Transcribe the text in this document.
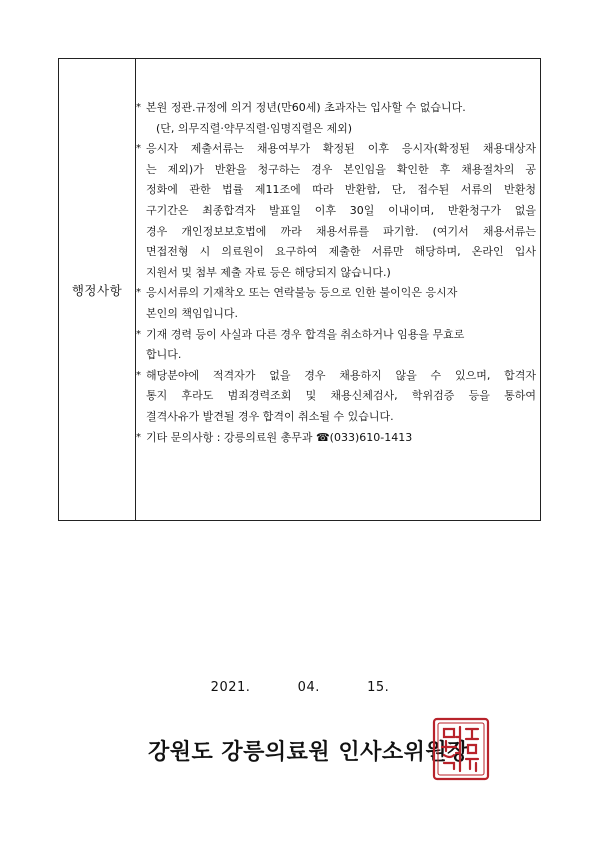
행정사항
* 본원 정관.규정에 의거 정년(만60세) 초과자는 입사할 수 없습니다.
(단, 의무직렬·약무직렬·임명직렬은 제외)
* 응시자 제출서류는 채용여부가 확정된 이후 응시자(확정된 채용대상자
는 제외)가 반환을 청구하는 경우 본인임을 확인한 후 채용절차의 공
정화에 관한 법률 제11조에 따라 반환함, 단, 접수된 서류의 반환청
구기간은 최종합격자 발표일 이후 30일 이내이며, 반환청구가 없을
경우 개인정보보호법에 까라 채용서류를 파기함. (여기서 채용서류는
면접전형 시 의료원이 요구하여 제출한 서류만 해당하며, 온라인 입사
지원서 및 첨부 제출 자료 등은 해당되지 않습니다.)
* 응시서류의 기재착오 또는 연락불능 등으로 인한 불이익은 응시자
본인의 책임입니다.
* 기재 경력 등이 사실과 다른 경우 합격을 취소하거나 임용을 무효로
합니다.
* 해당분야에 적격자가 없을 경우 채용하지 않을 수 있으며, 합격자
통지 후라도 범죄경력조회 및 채용신체검사, 학위검증 등을 통하여
결격사유가 발견될 경우 합격이 취소될 수 있습니다.
* 기타 문의사항 : 강릉의료원 총무과 ☎(033)610-1413
2021.	04.	15.
강원도 강릉의료원 인사소위원장
